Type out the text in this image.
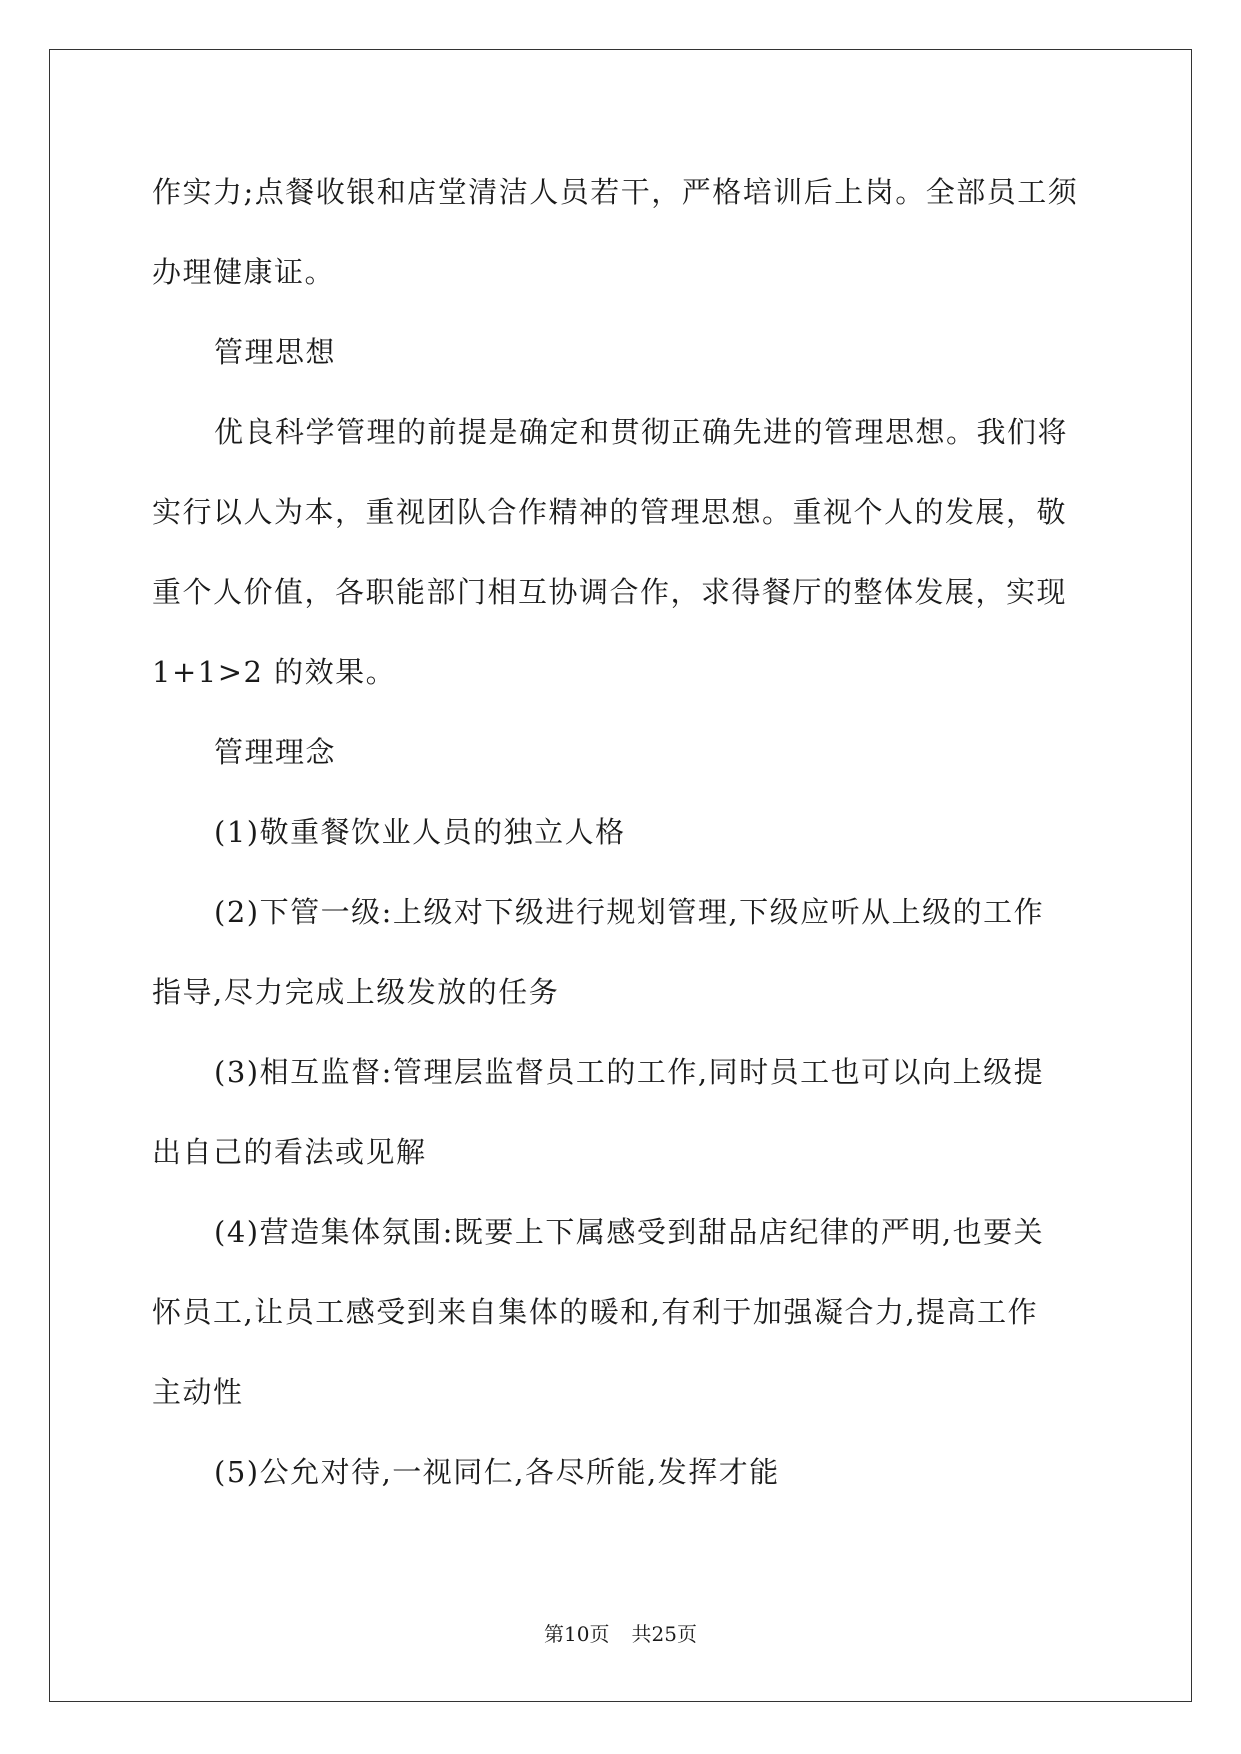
作实力;点餐收银和店堂清洁人员若干，严格培训后上岗。全部员工须
办理健康证。
管理思想
优良科学管理的前提是确定和贯彻正确先进的管理思想。我们将
实行以人为本，重视团队合作精神的管理思想。重视个人的发展，敬
重个人价值，各职能部门相互协调合作，求得餐厅的整体发展，实现
1+1>2 的效果。
管理理念
(1)敬重餐饮业人员的独立人格
(2)下管一级:上级对下级进行规划管理,下级应听从上级的工作
指导,尽力完成上级发放的任务
(3)相互监督:管理层监督员工的工作,同时员工也可以向上级提
出自己的看法或见解
(4)营造集体氛围:既要上下属感受到甜品店纪律的严明,也要关
怀员工,让员工感受到来自集体的暖和,有利于加强凝合力,提高工作
主动性
(5)公允对待,一视同仁,各尽所能,发挥才能
第10页 共25页
